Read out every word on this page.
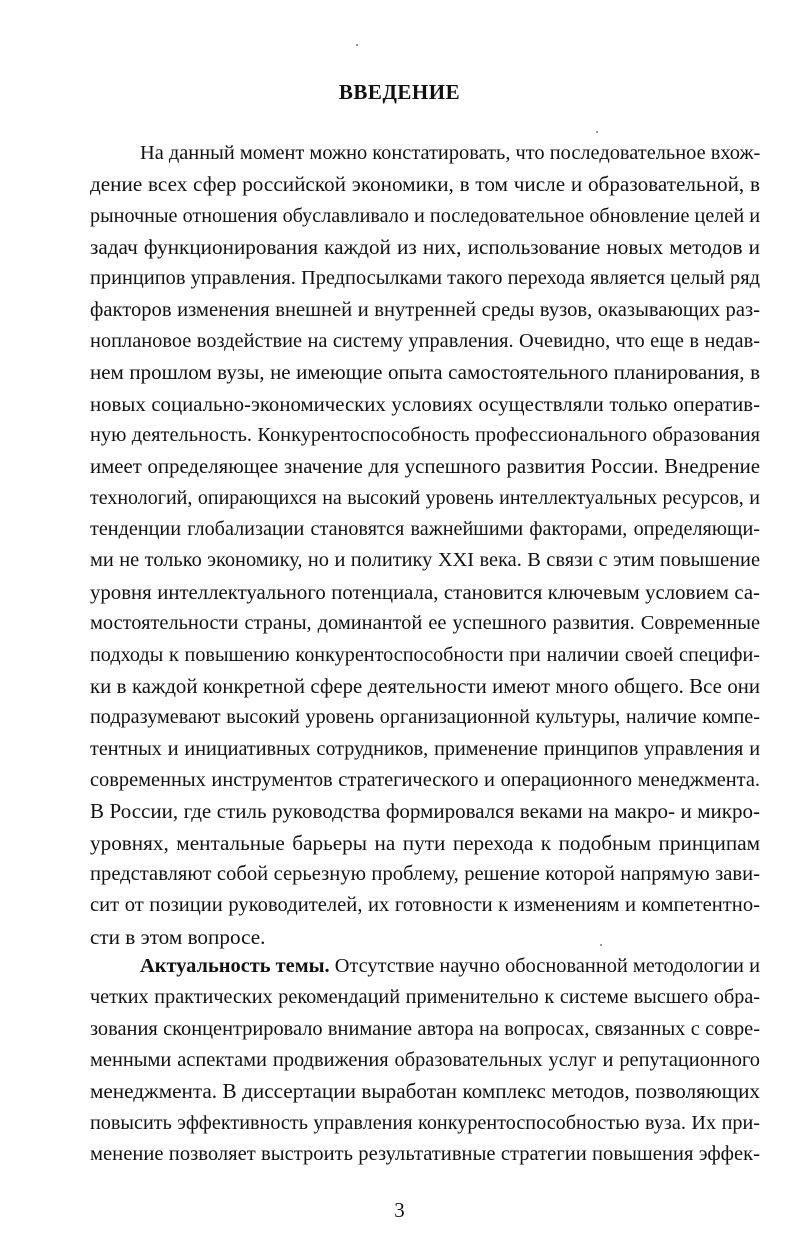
ВВЕДЕНИЕ
На данный момент можно констатировать, что последовательное вхож-
дение всех сфер российской экономики, в том числе и образовательной, в
рыночные отношения обуславливало и последовательное обновление целей и
задач функционирования каждой из них, использование новых методов и
принципов управления. Предпосылками такого перехода является целый ряд
факторов изменения внешней и внутренней среды вузов, оказывающих раз-
ноплановое воздействие на систему управления. Очевидно, что еще в недав-
нем прошлом вузы, не имеющие опыта самостоятельного планирования, в
новых социально-экономических условиях осуществляли только оператив-
ную деятельность. Конкурентоспособность профессионального образования
имеет определяющее значение для успешного развития России. Внедрение
технологий, опирающихся на высокий уровень интеллектуальных ресурсов, и
тенденции глобализации становятся важнейшими факторами, определяющи-
ми не только экономику, но и политику XXI века. В связи с этим повышение
уровня интеллектуального потенциала, становится ключевым условием са-
мостоятельности страны, доминантой ее успешного развития. Современные
подходы к повышению конкурентоспособности при наличии своей специфи-
ки в каждой конкретной сфере деятельности имеют много общего. Все они
подразумевают высокий уровень организационной культуры, наличие компе-
тентных и инициативных сотрудников, применение принципов управления и
современных инструментов стратегического и операционного менеджмента.
В России, где стиль руководства формировался веками на макро- и микро-
уровнях, ментальные барьеры на пути перехода к подобным принципам
представляют собой серьезную проблему, решение которой напрямую зави-
сит от позиции руководителей, их готовности к изменениям и компетентно-
сти в этом вопросе.
Актуальность темы. Отсутствие научно обоснованной методологии и
четких практических рекомендаций применительно к системе высшего обра-
зования сконцентрировало внимание автора на вопросах, связанных с совре-
менными аспектами продвижения образовательных услуг и репутационного
менеджмента. В диссертации выработан комплекс методов, позволяющих
повысить эффективность управления конкурентоспособностью вуза. Их при-
менение позволяет выстроить результативные стратегии повышения эффек-
3
